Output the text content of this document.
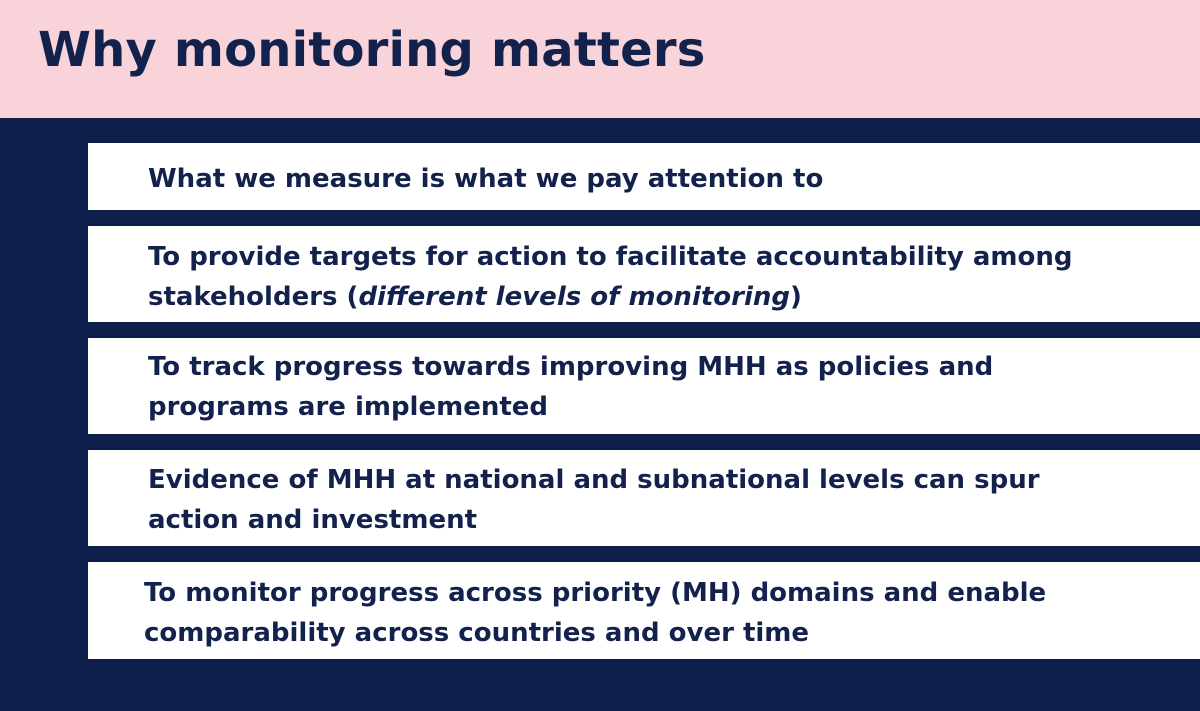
Why monitoring matters
What we measure is what we pay attention to
To provide targets for action to facilitate accountability among stakeholders (different levels of monitoring)
To track progress towards improving MHH as policies and programs are implemented
Evidence of MHH at national and subnational levels can spur action and investment
To monitor progress across priority (MH) domains and enable comparability across countries and over time
